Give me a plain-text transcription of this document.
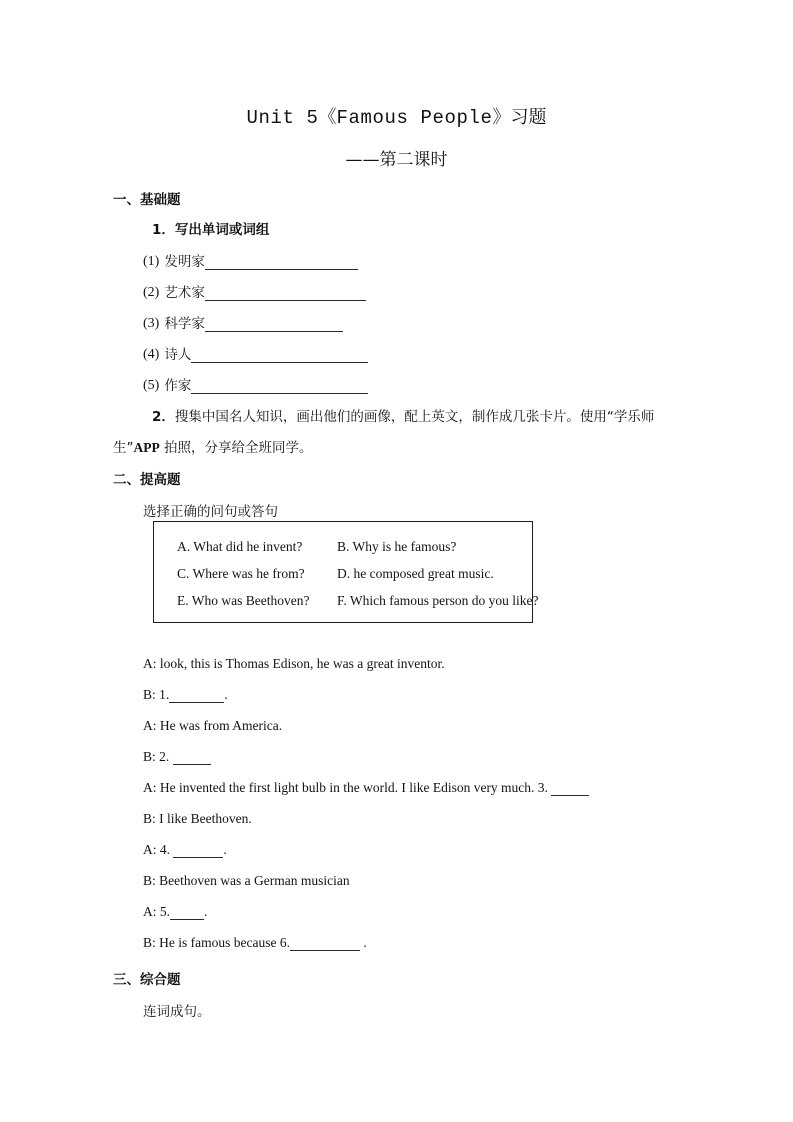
Unit 5《Famous People》习题
——第二课时
一、基础题
1．写出单词或词组
(1) 发明家
(2) 艺术家
(3) 科学家
(4) 诗人
(5) 作家
2．搜集中国名人知识，画出他们的画像，配上英文，制作成几张卡片。使用“学乐师
生”APP 拍照，分享给全班同学。
二、提高题
选择正确的问句或答句
A. What did he invent?	B. Why is he famous?
C. Where was he from? D. he composed great music.
E. Who was Beethoven? F. Which famous person do you like?
A:
look, this is Thomas Edison, he was a great inventor.
B:
1.	.
A:
He was from America.
B:
2.

A:
He invented the first light bulb in the world. I like Edison very much. 3.

B:
I like Beethoven.
A:
4.
	.
B:
Beethoven was a German musician
A:
5.	.
B:
He is famous because 6.
	.
三、综合题
连词成句。
